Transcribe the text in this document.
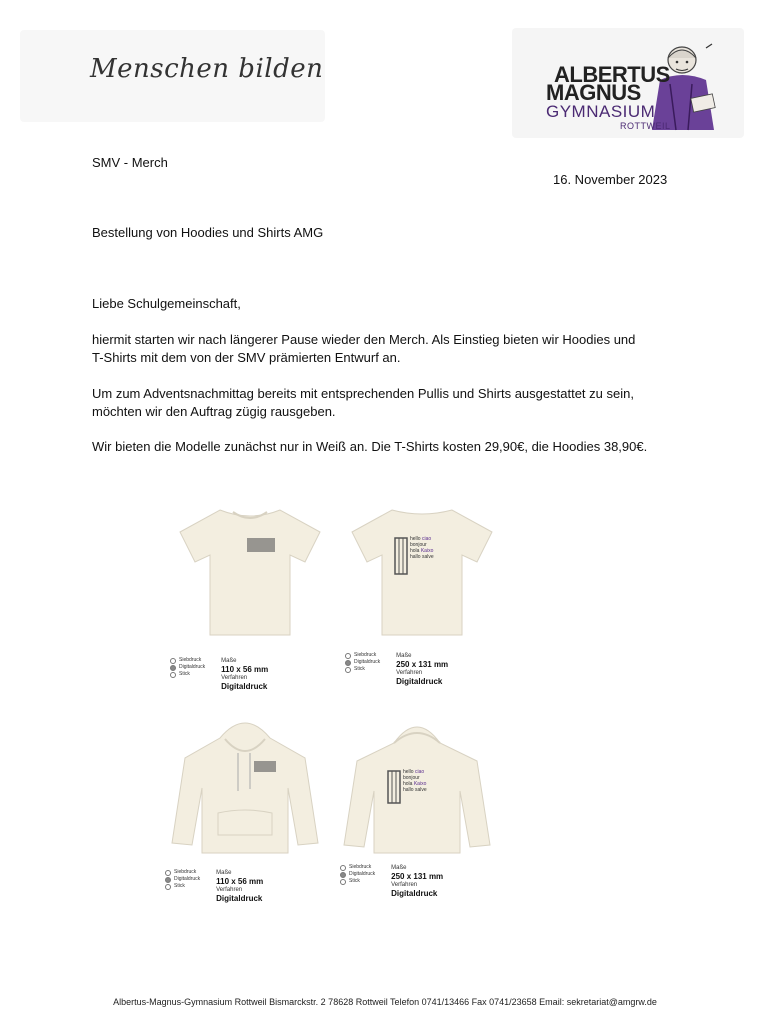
Menschen bilden	ALBERTUS
MAGNUS
GYMNASIUM
ROTTWEIL
SMV - Merch
16. November 2023
Bestellung von Hoodies und Shirts AMG
Liebe Schulgemeinschaft,
hiermit starten wir nach längerer Pause wieder den Merch. Als Einstieg bieten wir Hoodies und
T-Shirts mit dem von der SMV prämierten Entwurf an.
Um zum Adventsnachmittag bereits mit entsprechenden Pullis und Shirts ausgestattet zu sein,
möchten wir den Auftrag zügig rausgeben.
Wir bieten die Modelle zunächst nur in Weiß an. Die T-Shirts kosten 29,90€, die Hoodies 38,90€.
Siebdruck
Digitaldruck
Stick
Maße
110 x 56 mm
Verfahren
Digitaldruck
hello ciao
bonjour
hola Kaixo
hallo salve
Siebdruck
Digitaldruck
Stick
Maße
250 x 131 mm
Verfahren
Digitaldruck
Siebdruck
Digitaldruck
Stick
Maße
110 x 56 mm
Verfahren
Digitaldruck
hello ciao
bonjour
hola Kaixo
hallo salve
Siebdruck
Digitaldruck
Stick
Maße
250 x 131 mm
Verfahren
Digitaldruck
Albertus-Magnus-Gymnasium Rottweil Bismarckstr. 2 78628 Rottweil Telefon 0741/13466 Fax 0741/23658 Email: sekretariat@amgrw.de
